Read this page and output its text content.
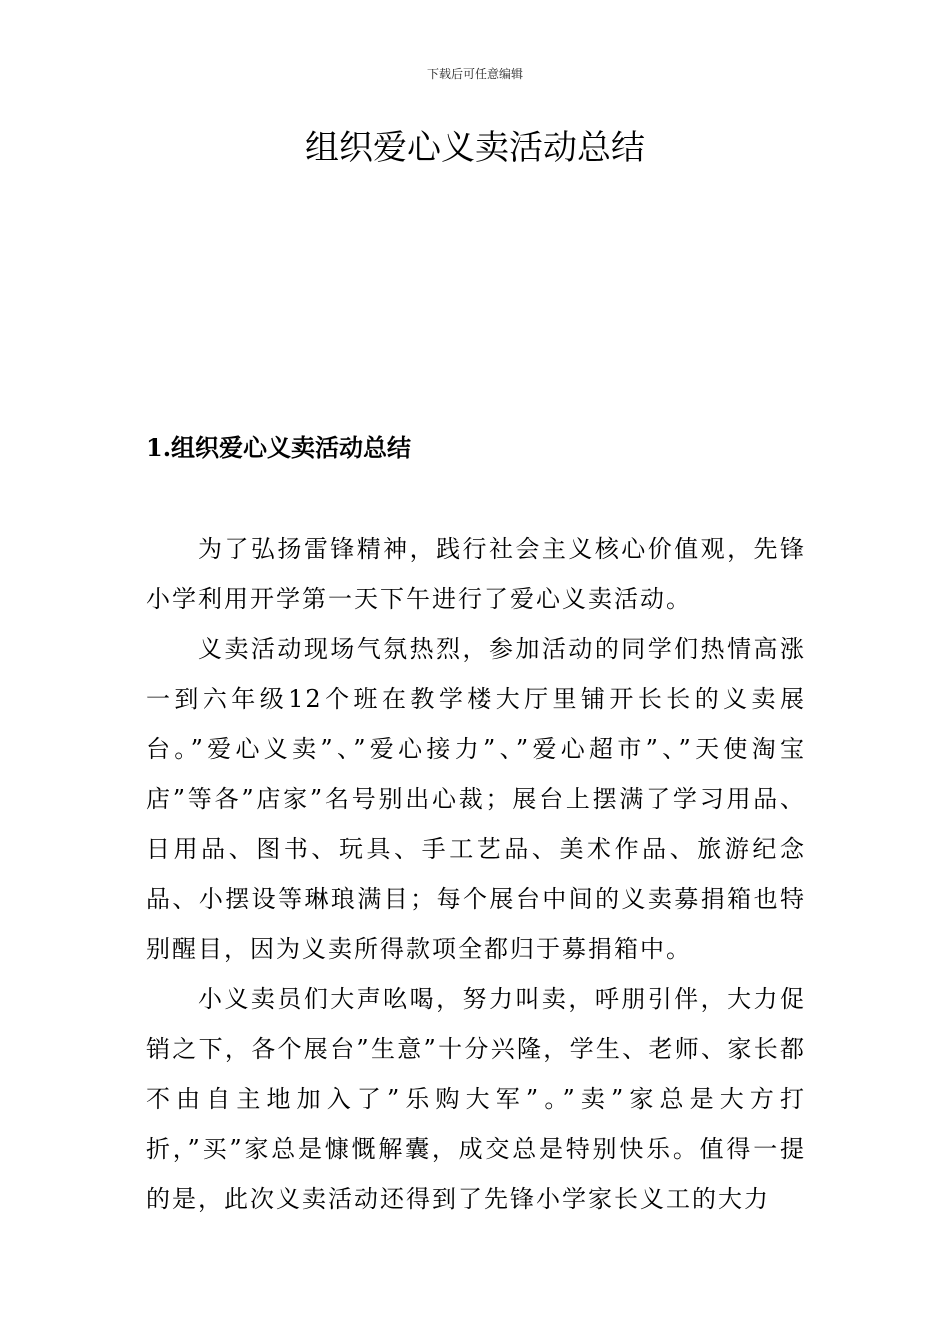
下载后可任意编辑
组织爱心义卖活动总结
1.组织爱心义卖活动总结

为了弘扬雷锋精神，践行社会主义核心价值观，先锋小学利用开学第一天下午进行了爱心义卖活动。

义卖活动现场气氛热烈，参加活动的同学们热情高涨一到六年级12个班在教学楼大厅里铺开长长的义卖展台。”爱心义卖”、”爱心接力”、”爱心超市”、”天使淘宝店”等各”店家”名号别出心裁；展台上摆满了学习用品、日用品、图书、玩具、手工艺品、美术作品、旅游纪念品、小摆设等琳琅满目；每个展台中间的义卖募捐箱也特别醒目，因为义卖所得款项全都归于募捐箱中。

小义卖员们大声吆喝，努力叫卖，呼朋引伴，大力促销之下，各个展台”生意”十分兴隆，学生、老师、家长都不由自主地加入了”乐购大军”。”卖”家总是大方打折，”买”家总是慷慨解囊，成交总是特别快乐。值得一提的是，此次义卖活动还得到了先锋小学家长义工的大力
